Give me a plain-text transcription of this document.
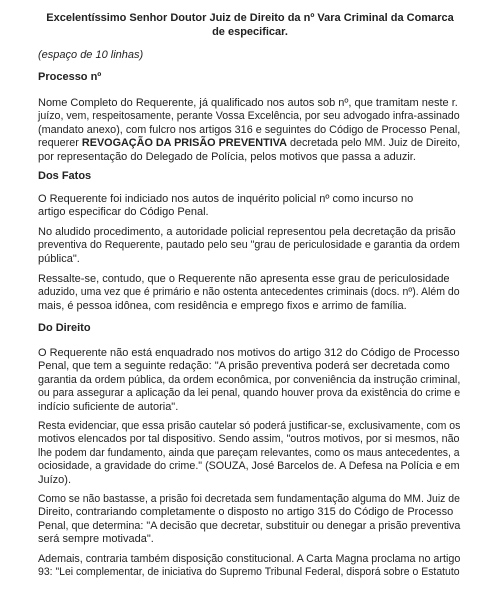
Excelentíssimo Senhor Doutor Juiz de Direito da nº Vara Criminal da Comarca
de especificar.

(espaço de 10 linhas)

Processo nº

Nome Completo do Requerente, já qualificado nos autos sob nº, que tramitam neste r.
juízo, vem, respeitosamente, perante Vossa Excelência, por seu advogado infra-assinado
(mandato anexo), com fulcro nos artigos 316 e seguintes do Código de Processo Penal,
requerer REVOGAÇÃO DA PRISÃO PREVENTIVA decretada pelo MM. Juiz de Direito,
por representação do Delegado de Polícia, pelos motivos que passa a aduzir.

Dos Fatos

O Requerente foi indiciado nos autos de inquérito policial nº como incurso no
artigo especificar do Código Penal.

No aludido procedimento, a autoridade policial representou pela decretação da prisão
preventiva do Requerente, pautado pelo seu "grau de periculosidade e garantia da ordem
pública".

Ressalte-se, contudo, que o Requerente não apresenta esse grau de periculosidade
aduzido, uma vez que é primário e não ostenta antecedentes criminais (docs. nº). Além do
mais, é pessoa idônea, com residência e emprego fixos e arrimo de família.

Do Direito

O Requerente não está enquadrado nos motivos do artigo 312 do Código de Processo
Penal, que tem a seguinte redação: "A prisão preventiva poderá ser decretada como
garantia da ordem pública, da ordem econômica, por conveniência da instrução criminal,
ou para assegurar a aplicação da lei penal, quando houver prova da existência do crime e
indício suficiente de autoria".

Resta evidenciar, que essa prisão cautelar só poderá justificar-se, exclusivamente, com os
motivos elencados por tal dispositivo. Sendo assim, "outros motivos, por si mesmos, não
lhe podem dar fundamento, ainda que pareçam relevantes, como os maus antecedentes, a
ociosidade, a gravidade do crime." (SOUZA, José Barcelos de. A Defesa na Polícia e em
Juízo).

Como se não bastasse, a prisão foi decretada sem fundamentação alguma do MM. Juiz de
Direito, contrariando completamente o disposto no artigo 315 do Código de Processo
Penal, que determina: "A decisão que decretar, substituir ou denegar a prisão preventiva
será sempre motivada".

Ademais, contraria também disposição constitucional. A Carta Magna proclama no artigo
93: "Lei complementar, de iniciativa do Supremo Tribunal Federal, disporá sobre o Estatuto
